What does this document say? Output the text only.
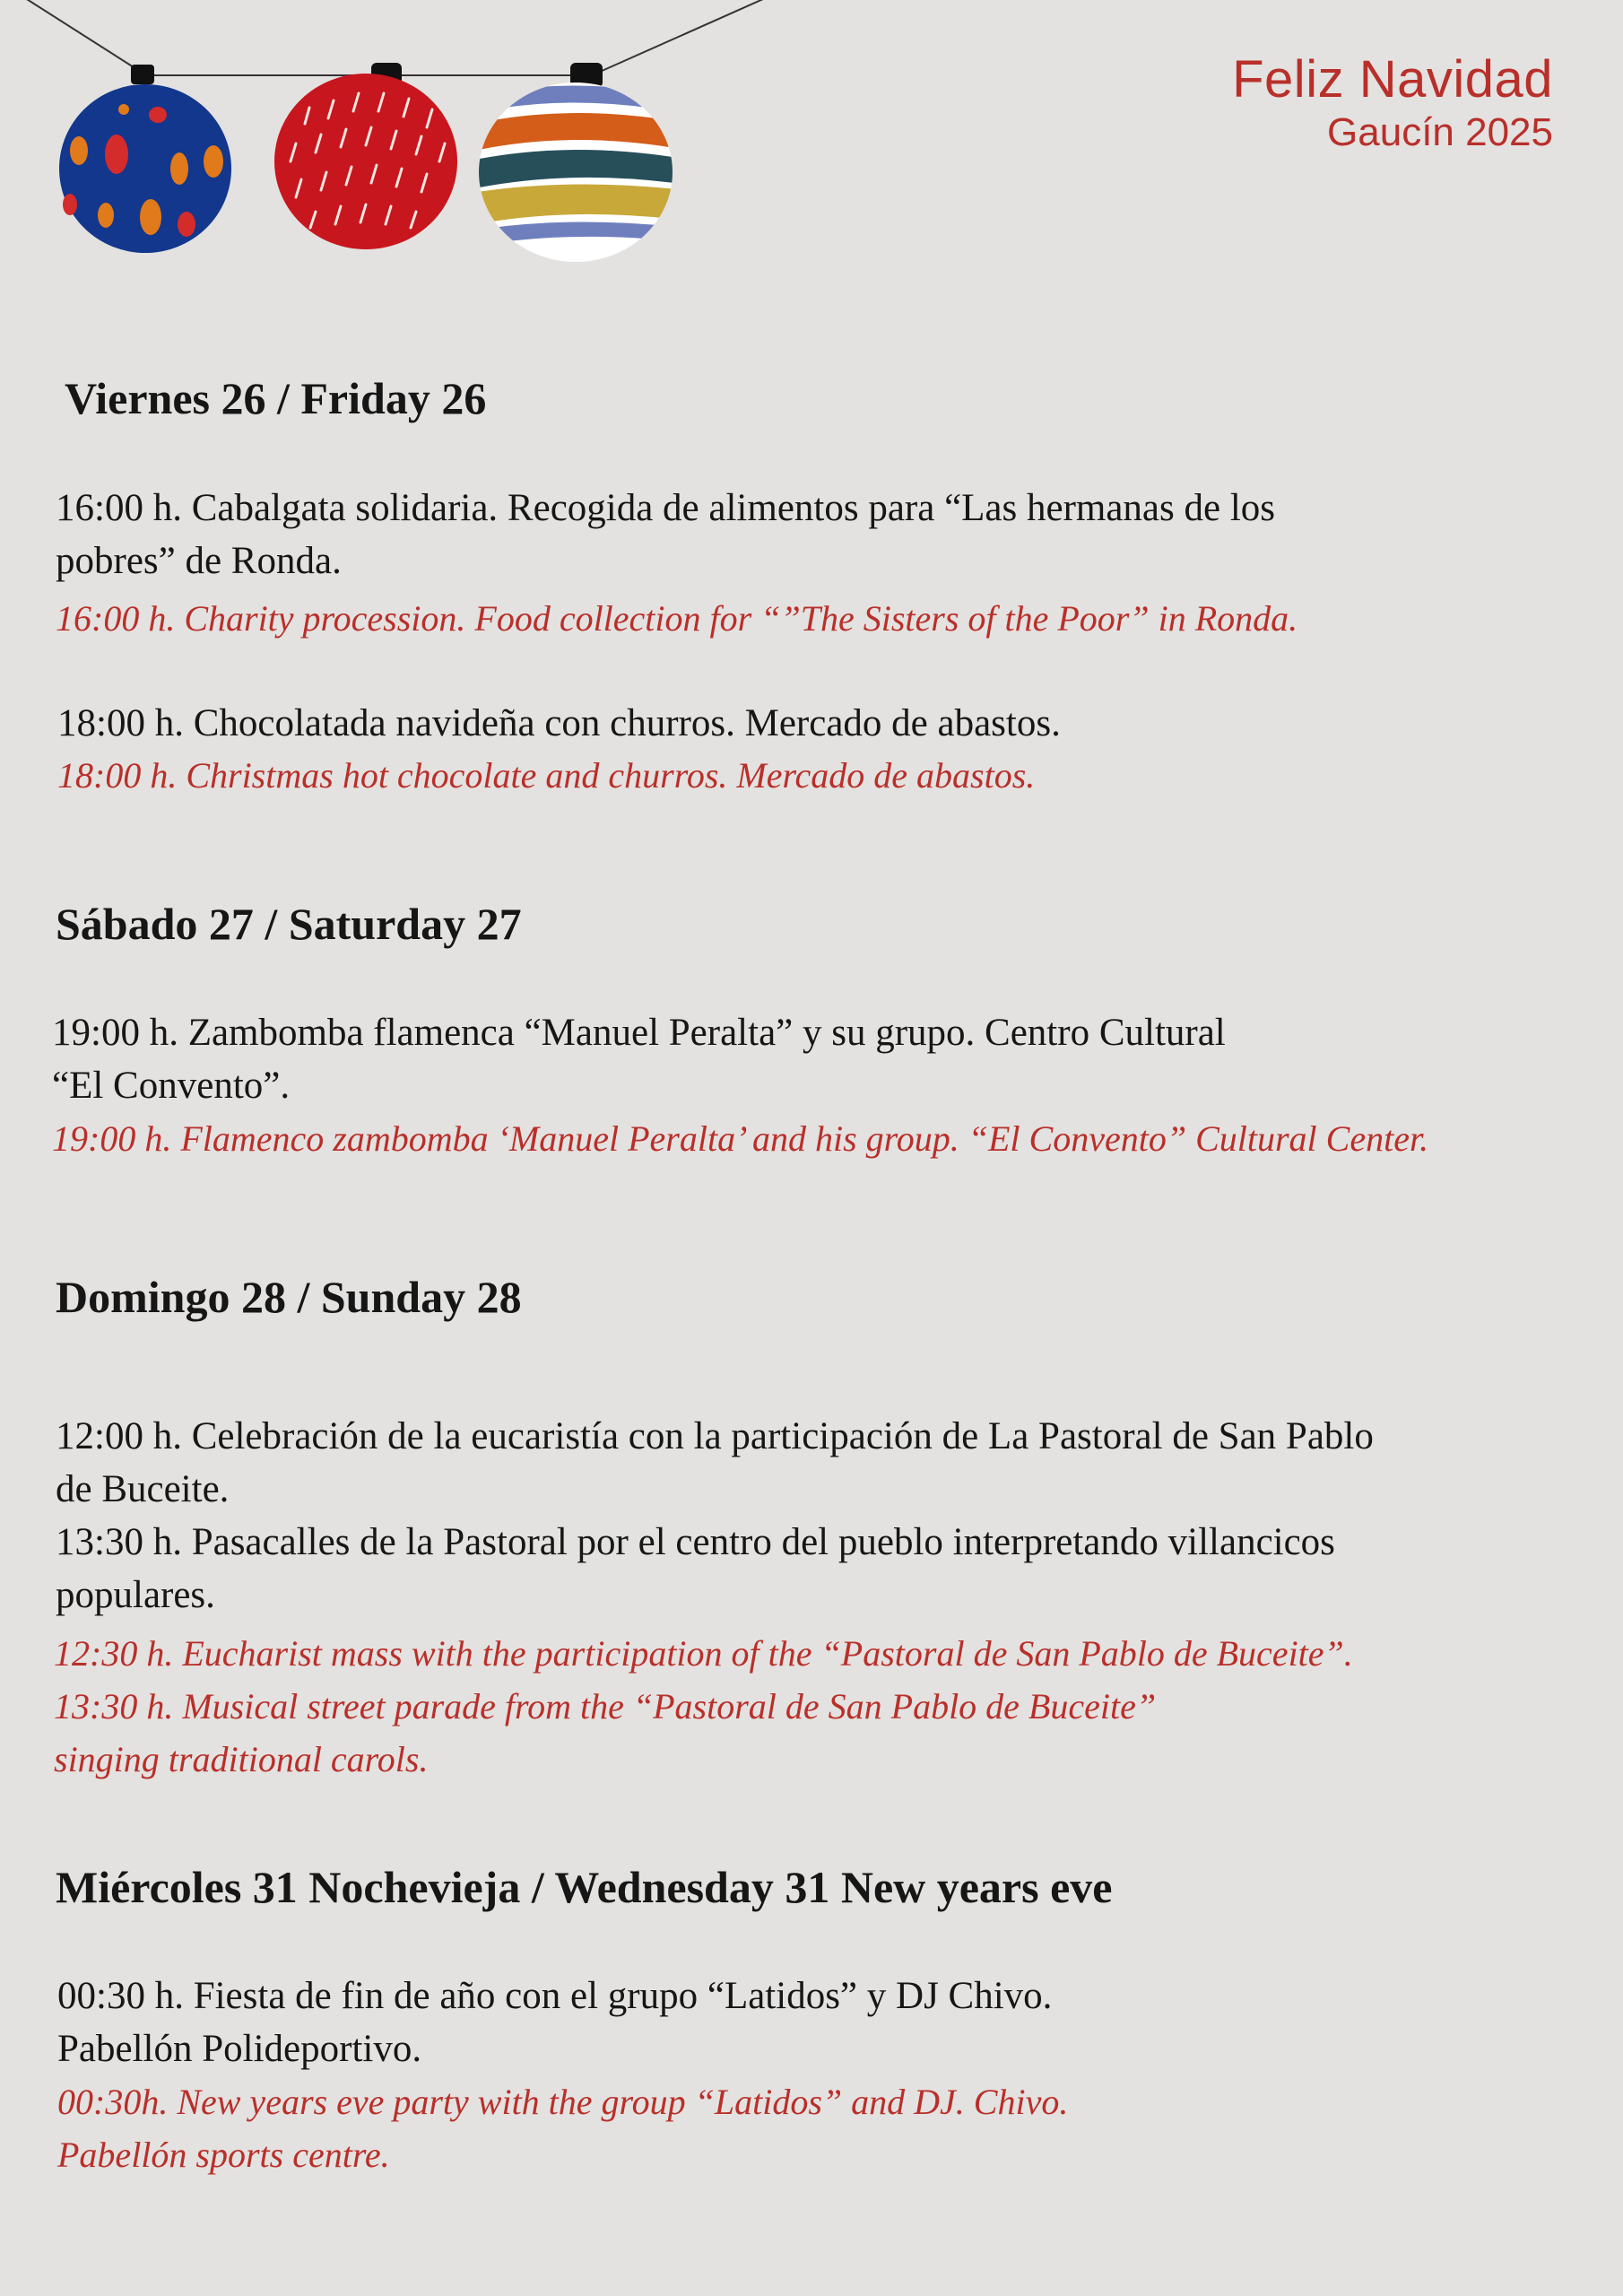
Feliz Navidad
Gaucín 2025
Viernes 26 / Friday 26

16:00 h. Cabalgata solidaria. Recogida de alimentos para “Las hermanas de los
pobres” de Ronda.

16:00 h. Charity procession. Food collection for “”The Sisters of the Poor” in Ronda.

18:00 h. Chocolatada navideña con churros. Mercado de abastos.

18:00 h. Christmas hot chocolate and churros. Mercado de abastos.

Sábado 27 / Saturday 27

19:00 h. Zambomba flamenca “Manuel Peralta” y su grupo. Centro Cultural
“El Convento”.

19:00 h. Flamenco zambomba ‘Manuel Peralta’ and his group. “El Convento” Cultural Center.

Domingo 28 / Sunday 28

12:00 h. Celebración de la eucaristía con la participación de La Pastoral de San Pablo
de Buceite.
13:30 h. Pasacalles de la Pastoral por el centro del pueblo interpretando villancicos
populares.

12:30 h. Eucharist mass with the participation of the “Pastoral de San Pablo de Buceite”.
13:30 h. Musical street parade from the “Pastoral de San Pablo de Buceite”
singing traditional carols.

Miércoles 31 Nochevieja / Wednesday 31 New years eve

00:30 h. Fiesta de fin de año con el grupo “Latidos” y DJ Chivo.
Pabellón Polideportivo.

00:30h. New years eve party with the group “Latidos” and DJ. Chivo.
Pabellón sports centre.
